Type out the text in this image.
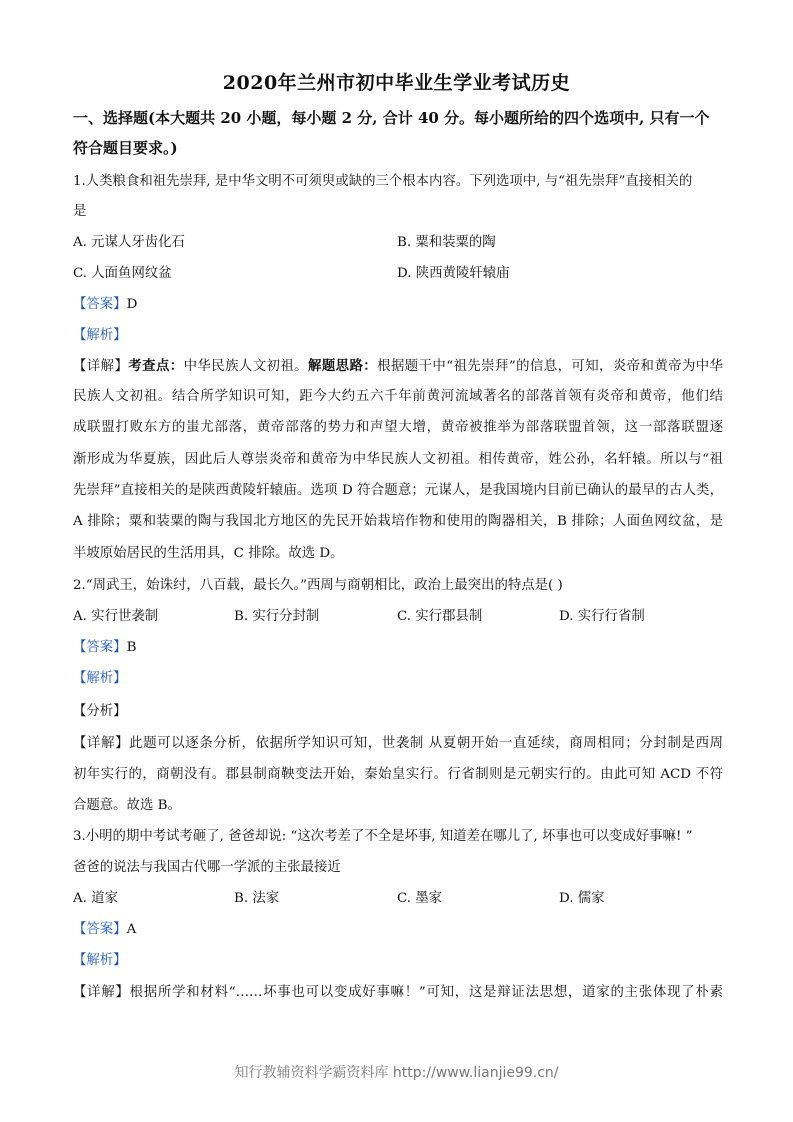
2020年兰州市初中毕业生学业考试历史
一、选择题(本大题共 20 小题，每小题 2 分, 合计 40 分。每小题所给的四个选项中, 只有一个
符合题目要求。)
1.人类粮食和祖先崇拜, 是中华文明不可须臾或缺的三个根本内容。下列选项中, 与“祖先崇拜”直接相关的
是
A. 元谋人牙齿化石	B. 粟和装粟的陶
C. 人面鱼网纹盆	D. 陕西黄陵轩辕庙
【答案】D
【解析】
【详解】考查点：中华民族人文初祖。解题思路：根据题干中“祖先崇拜”的信息，可知，炎帝和黄帝为中华
民族人文初祖。结合所学知识可知，距今大约五六千年前黄河流域著名的部落首领有炎帝和黄帝，他们结
成联盟打败东方的蚩尤部落，黄帝部落的势力和声望大增，黄帝被推举为部落联盟首领，这一部落联盟逐
渐形成为华夏族，因此后人尊崇炎帝和黄帝为中华民族人文初祖。相传黄帝，姓公孙，名轩辕。所以与“祖
先崇拜”直接相关的是陕西黄陵轩辕庙。选项 D 符合题意；元谋人，是我国境内目前已确认的最早的古人类，
A 排除；粟和装粟的陶与我国北方地区的先民开始栽培作物和使用的陶器相关，B 排除；人面鱼网纹盆，是
半坡原始居民的生活用具，C 排除。故选 D。
2.“周武王，始诛纣，八百载，最长久。”西周与商朝相比，政治上最突出的特点是( )
A. 实行世袭制	B. 实行分封制	C. 实行郡县制	D. 实行行省制
【答案】B
【解析】
【分析】
【详解】此题可以逐条分析，依据所学知识可知，世袭制 从夏朝开始一直延续，商周相同；分封制是西周
初年实行的，商朝没有。郡县制商鞅变法开始，秦始皇实行。行省制则是元朝实行的。由此可知 ACD 不符
合题意。故选 B。
3.小明的期中考试考砸了, 爸爸却说: “这次考差了不全是坏事, 知道差在哪儿了, 坏事也可以变成好事嘛! ”
爸爸的说法与我国古代哪一学派的主张最接近
A. 道家	B. 法家	C. 墨家	D. 儒家
【答案】A
【解析】
【详解】根据所学和材料“……坏事也可以变成好事嘛！”可知，这是辩证法思想，道家的主张体现了朴素
知行教辅资料学霸资料库 http://www.lianjie99.cn/
